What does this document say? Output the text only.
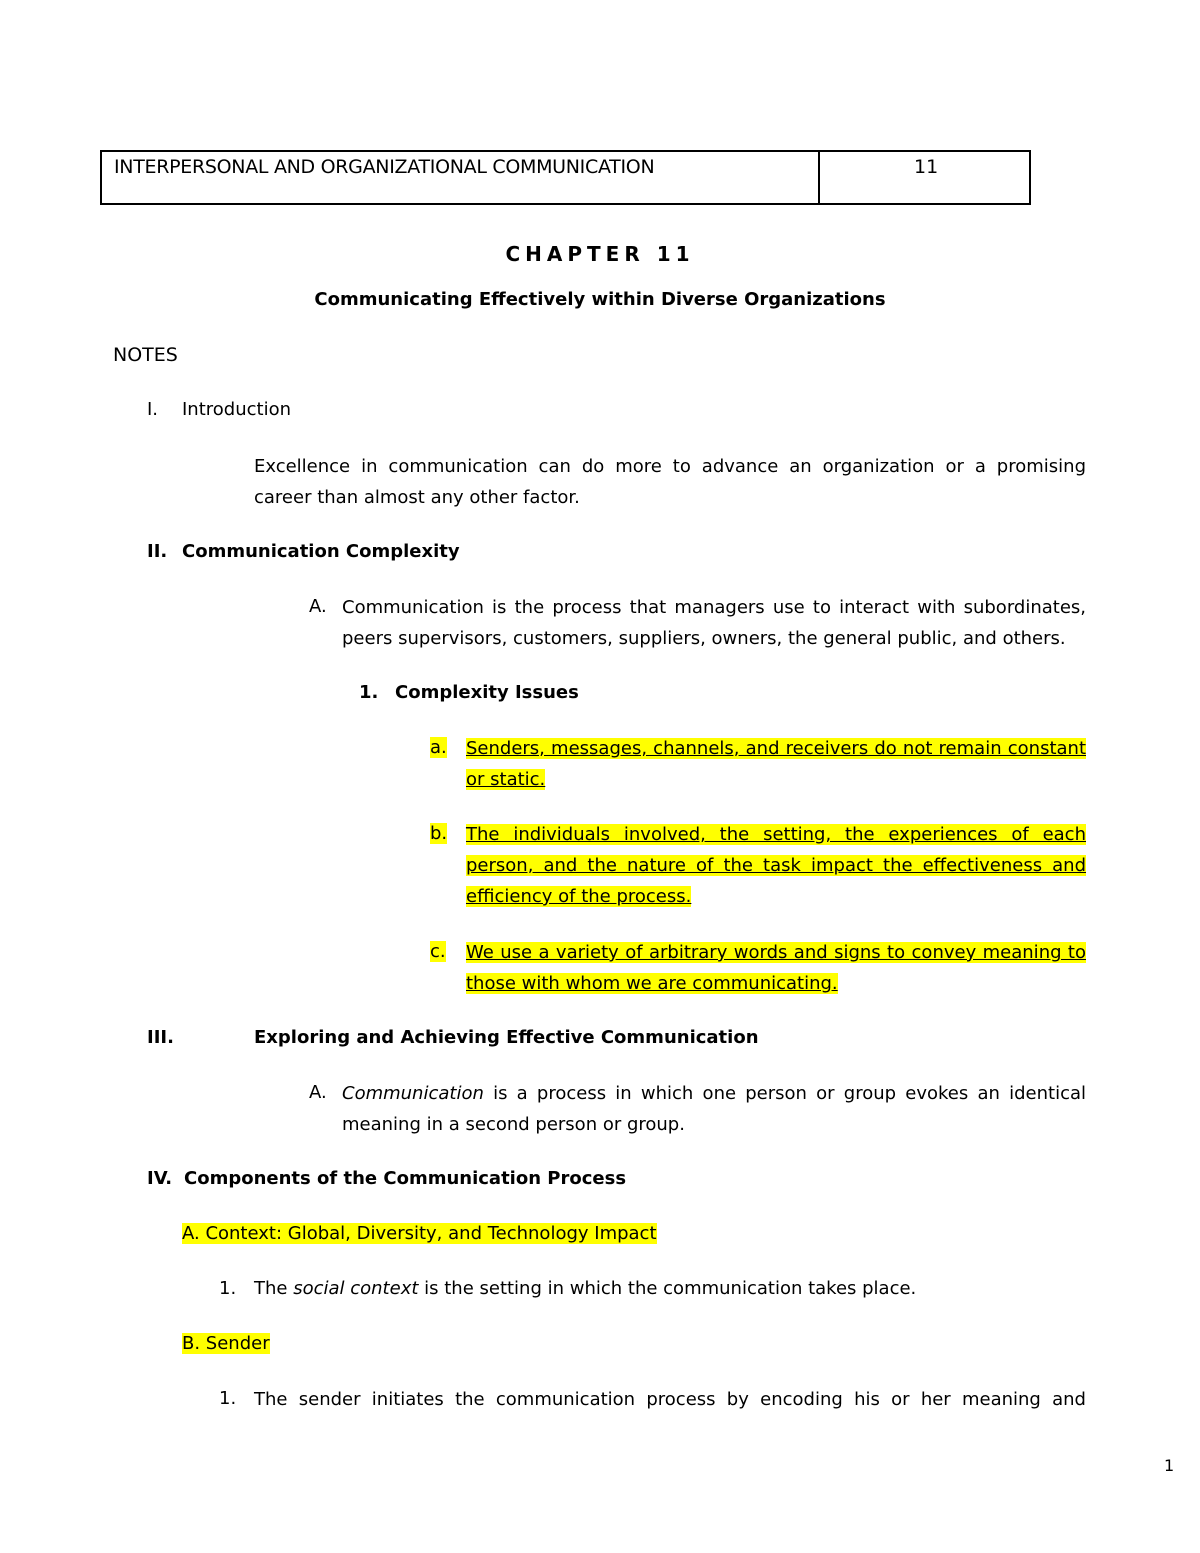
INTERPERSONAL AND ORGANIZATIONAL COMMUNICATION	11
CHAPTER 11
Communicating Effectively within Diverse Organizations
NOTES
I. Introduction
Excellence in communication can do more to advance an organization or a promising career than almost any other factor.
II. Communication Complexity
A. Communication is the process that managers use to interact with subordinates, peers supervisors, customers, suppliers, owners, the general public, and others.
1. Complexity Issues
a. Senders, messages, channels, and receivers do not remain constant or static.
b. The individuals involved, the setting, the experiences of each person, and the nature of the task impact the effectiveness and efficiency of the process.
c. We use a variety of arbitrary words and signs to convey meaning to those with whom we are communicating.
III.	Exploring and Achieving Effective Communication
A. Communication is a process in which one person or group evokes an identical meaning in a second person or group.
IV. Components of the Communication Process
A. Context: Global, Diversity, and Technology Impact
1. The social context is the setting in which the communication takes place.
B. Sender
1. The sender initiates the communication process by encoding his or her meaning and
1
